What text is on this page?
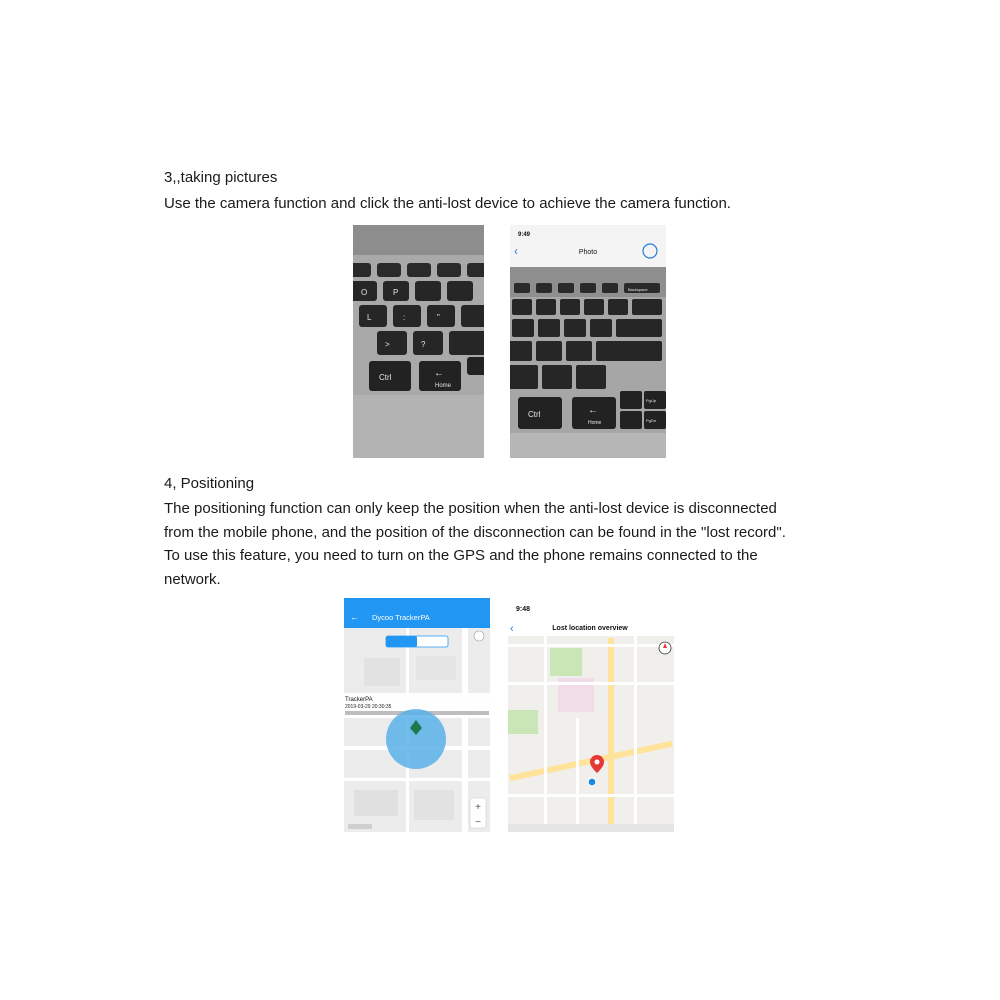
3,,taking pictures
Use the camera function and click the anti-lost device to achieve the camera function.
O	P
L	:	"
>	?
Ctrl	←
Home
9:49
‹	Photo
Backspace
Ctrl	←
Home
PgUp
PgDn
4, Positioning
The positioning function can only keep the position when the anti-lost device is disconnected
from the mobile phone, and the position of the disconnection can be found in the "lost record".
To use this feature, you need to turn on the GPS and the phone remains connected to the
network.
← Dycoo TrackerPA
TrackerPA
2019-03-29 20:30:35
+
−
9:48
‹	Lost location overview
